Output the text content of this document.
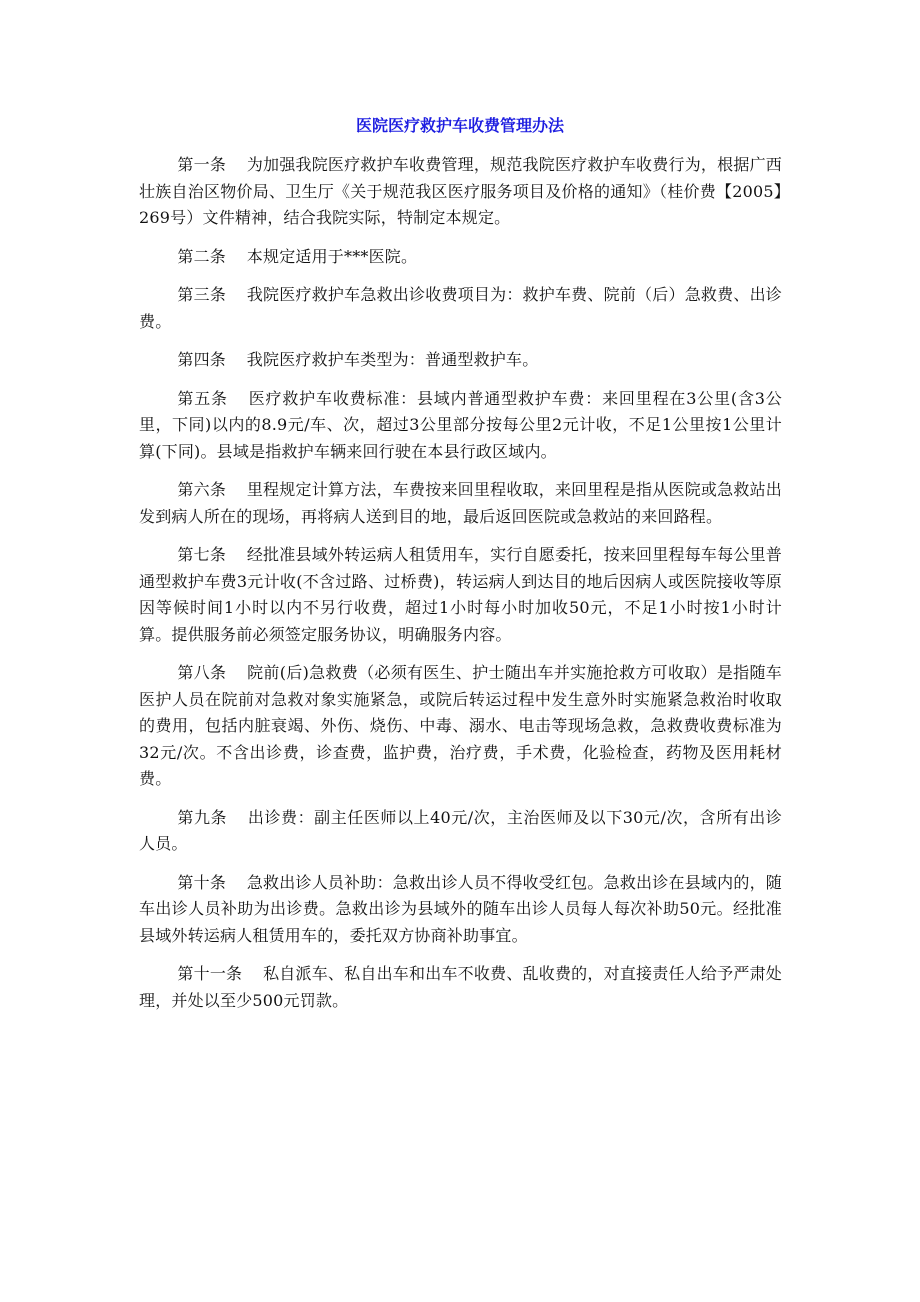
医院医疗救护车收费管理办法

第一条 为加强我院医疗救护车收费管理，规范我院医疗救护车收费行为，根据广西壮族自治区物价局、卫生厅《关于规范我区医疗服务项目及价格的通知》（桂价费【2005】269号）文件精神，结合我院实际，特制定本规定。

第二条 本规定适用于***医院。

第三条 我院医疗救护车急救出诊收费项目为：救护车费、院前（后）急救费、出诊费。

第四条 我院医疗救护车类型为：普通型救护车。

第五条 医疗救护车收费标准：县域内普通型救护车费：来回里程在3公里(含3公里，下同)以内的8.9元/车、次，超过3公里部分按每公里2元计收，不足1公里按1公里计算(下同)。县域是指救护车辆来回行驶在本县行政区域内。

第六条 里程规定计算方法，车费按来回里程收取，来回里程是指从医院或急救站出发到病人所在的现场，再将病人送到目的地，最后返回医院或急救站的来回路程。

第七条 经批准县域外转运病人租赁用车，实行自愿委托，按来回里程每车每公里普通型救护车费3元计收(不含过路、过桥费)，转运病人到达目的地后因病人或医院接收等原因等候时间1小时以内不另行收费，超过1小时每小时加收50元，不足1小时按1小时计算。提供服务前必须签定服务协议，明确服务内容。

第八条 院前(后)急救费（必须有医生、护士随出车并实施抢救方可收取）是指随车医护人员在院前对急救对象实施紧急，或院后转运过程中发生意外时实施紧急救治时收取的费用，包括内脏衰竭、外伤、烧伤、中毒、溺水、电击等现场急救，急救费收费标准为32元/次。不含出诊费，诊查费，监护费，治疗费，手术费，化验检查，药物及医用耗材费。

第九条 出诊费：副主任医师以上40元/次，主治医师及以下30元/次，含所有出诊人员。

第十条 急救出诊人员补助：急救出诊人员不得收受红包。急救出诊在县域内的，随车出诊人员补助为出诊费。急救出诊为县域外的随车出诊人员每人每次补助50元。经批准县域外转运病人租赁用车的，委托双方协商补助事宜。

第十一条 私自派车、私自出车和出车不收费、乱收费的，对直接责任人给予严肃处理，并处以至少500元罚款。
